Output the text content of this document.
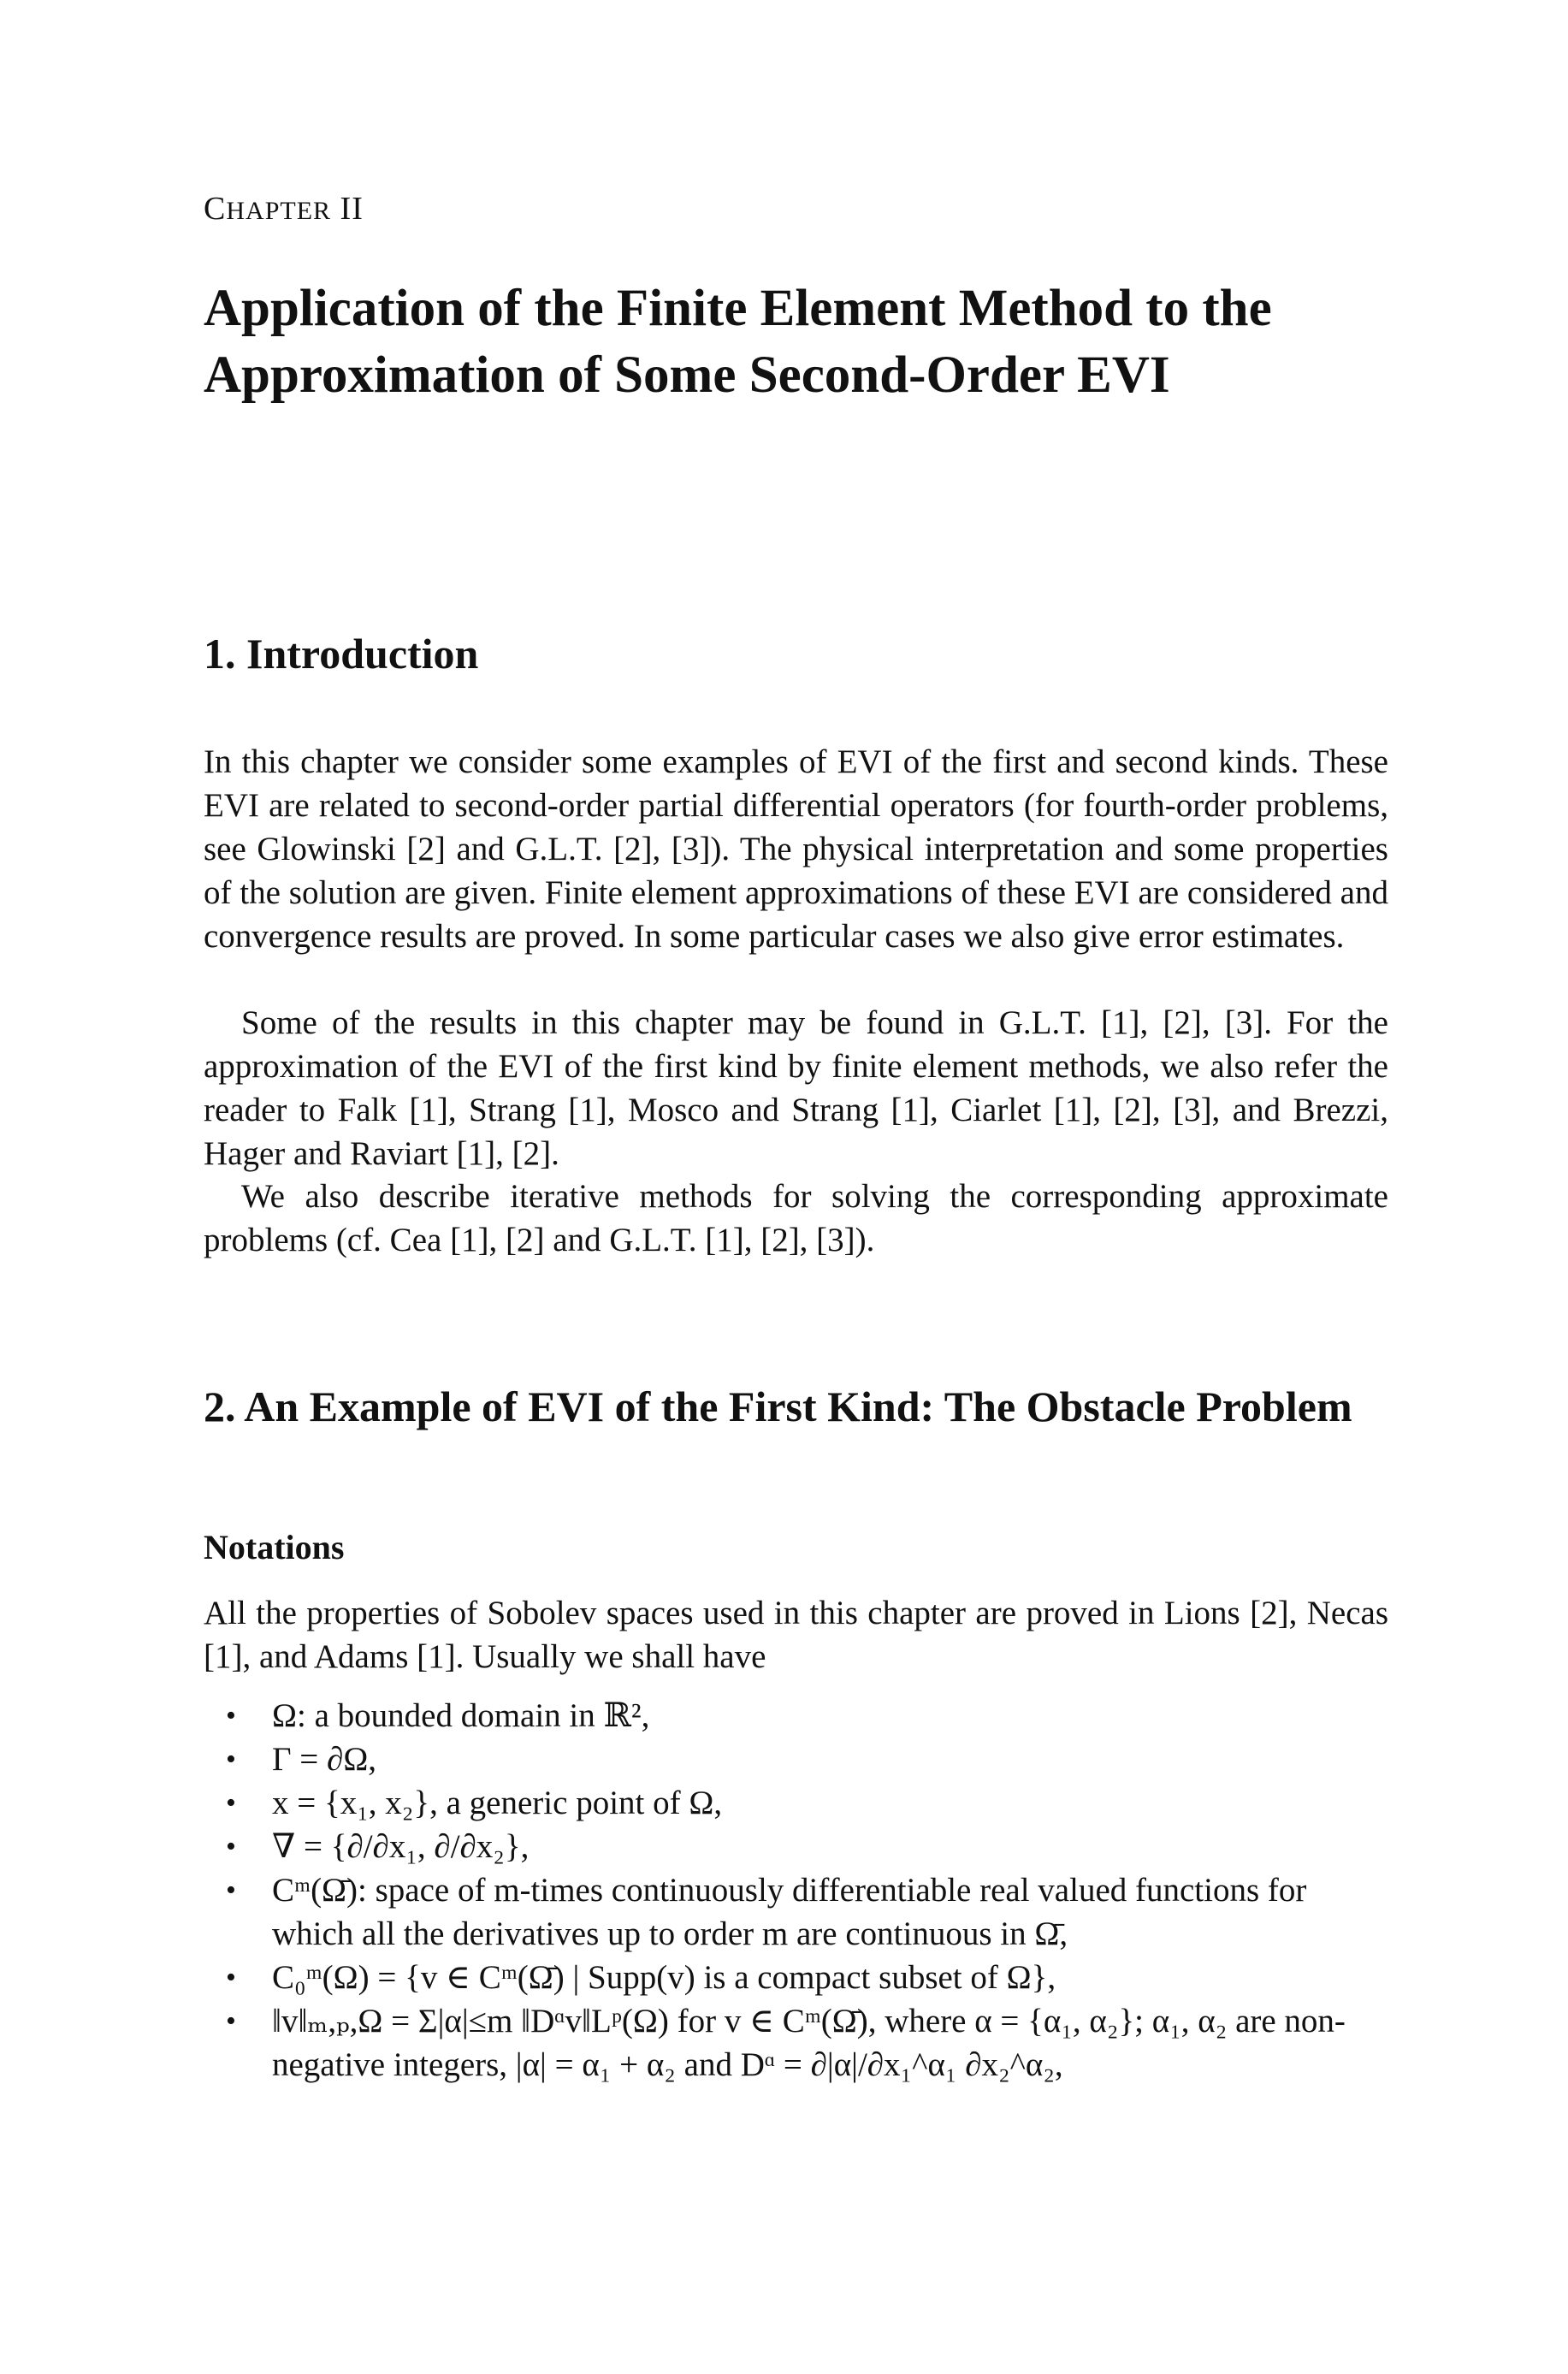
CHAPTER II
Application of the Finite Element Method to the
Approximation of Some Second-Order EVI
1. Introduction

In this chapter we consider some examples of EVI of the first and second kinds. These EVI are related to second-order partial differential operators (for fourth-order problems, see Glowinski [2] and G.L.T. [2], [3]). The physical interpretation and some properties of the solution are given. Finite element approximations of these EVI are considered and convergence results are proved. In some particular cases we also give error estimates.

Some of the results in this chapter may be found in G.L.T. [1], [2], [3]. For the approximation of the EVI of the first kind by finite element methods, we also refer the reader to Falk [1], Strang [1], Mosco and Strang [1], Ciarlet [1], [2], [3], and Brezzi, Hager and Raviart [1], [2].

We also describe iterative methods for solving the corresponding approximate problems (cf. Cea [1], [2] and G.L.T. [1], [2], [3]).

2. An Example of EVI of the First Kind: The Obstacle Problem
Notations

All the properties of Sobolev spaces used in this chapter are proved in Lions [2], Necas [1], and Adams [1]. Usually we shall have

• Ω: a bounded domain in ℝ²,
• Γ = ∂Ω,
• x = {x₁, x₂}, a generic point of Ω,
• ∇ = {∂/∂x₁, ∂/∂x₂},
• Cᵐ(Ω̄): space of m-times continuously differentiable real valued functions for which all the derivatives up to order m are continuous in Ω̄,
• C₀ᵐ(Ω) = {v ∈ Cᵐ(Ω̄) | Supp(v) is a compact subset of Ω},
• ‖v‖ₘ,ₚ,Ω = Σ|α|≤m ‖Dᵅv‖Lᵖ(Ω) for v ∈ Cᵐ(Ω̄), where α = {α₁, α₂}; α₁, α₂ are non-negative integers, |α| = α₁ + α₂ and Dᵅ = ∂|α|/∂x₁^α₁ ∂x₂^α₂,
